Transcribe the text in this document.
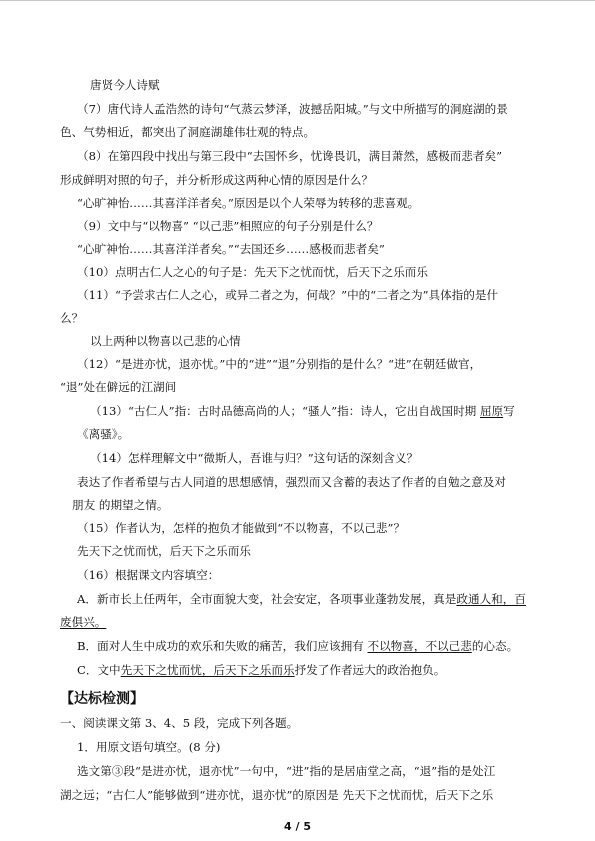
唐贤今人诗赋
（7）唐代诗人孟浩然的诗句“气蒸云梦泽，波撼岳阳城。”与文中所描写的洞庭湖的景
色、气势相近，都突出了洞庭湖雄伟壮观的特点。
（8）在第四段中找出与第三段中“去国怀乡，忧谗畏讥，满目萧然，感极而悲者矣”
形成鲜明对照的句子，并分析形成这两种心情的原因是什么？
“心旷神怡……其喜洋洋者矣。”原因是以个人荣辱为转移的悲喜观。
（9）文中与“以物喜” “以己悲”相照应的句子分别是什么？
“心旷神怡……其喜洋洋者矣。”“去国还乡……感极而悲者矣”
（10）点明古仁人之心的句子是：先天下之忧而忧，后天下之乐而乐
（11）“予尝求古仁人之心，或异二者之为，何哉？”中的“二者之为”具体指的是什
么？
以上两种以物喜以己悲的心情
（12）“是进亦忧，退亦忧。”中的“进”“退”分别指的是什么？“进”在朝廷做官，
“退”处在僻远的江湖间
（13）“古仁人”指：古时品德高尚的人；“骚人”指：诗人，它出自战国时期 屈原写
《离骚》。
（14）怎样理解文中“微斯人，吾谁与归？”这句话的深刻含义？
表达了作者希望与古人同道的思想感情，强烈而又含蓄的表达了作者的自勉之意及对
朋友 的期望之情。
（15）作者认为，怎样的抱负才能做到“不以物喜，不以己悲”？
先天下之忧而忧，后天下之乐而乐
（16）根据课文内容填空：
A．新市长上任两年，全市面貌大变，社会安定，各项事业蓬勃发展，真是政通人和，百
废俱兴。
B．面对人生中成功的欢乐和失败的痛苦，我们应该拥有 不以物喜，不以己悲的心态。
C．文中先天下之忧而忧，后天下之乐而乐抒发了作者远大的政治抱负。
【达标检测】
一、阅读课文第 3、4、5 段，完成下列各题。
1．用原文语句填空。(8 分)
选文第③段“是进亦忧，退亦忧”一句中，“进”指的是居庙堂之高，“退”指的是处江
湖之远；“古仁人”能够做到“进亦忧，退亦忧”的原因是 先天下之忧而忧，后天下之乐
4 / 5
